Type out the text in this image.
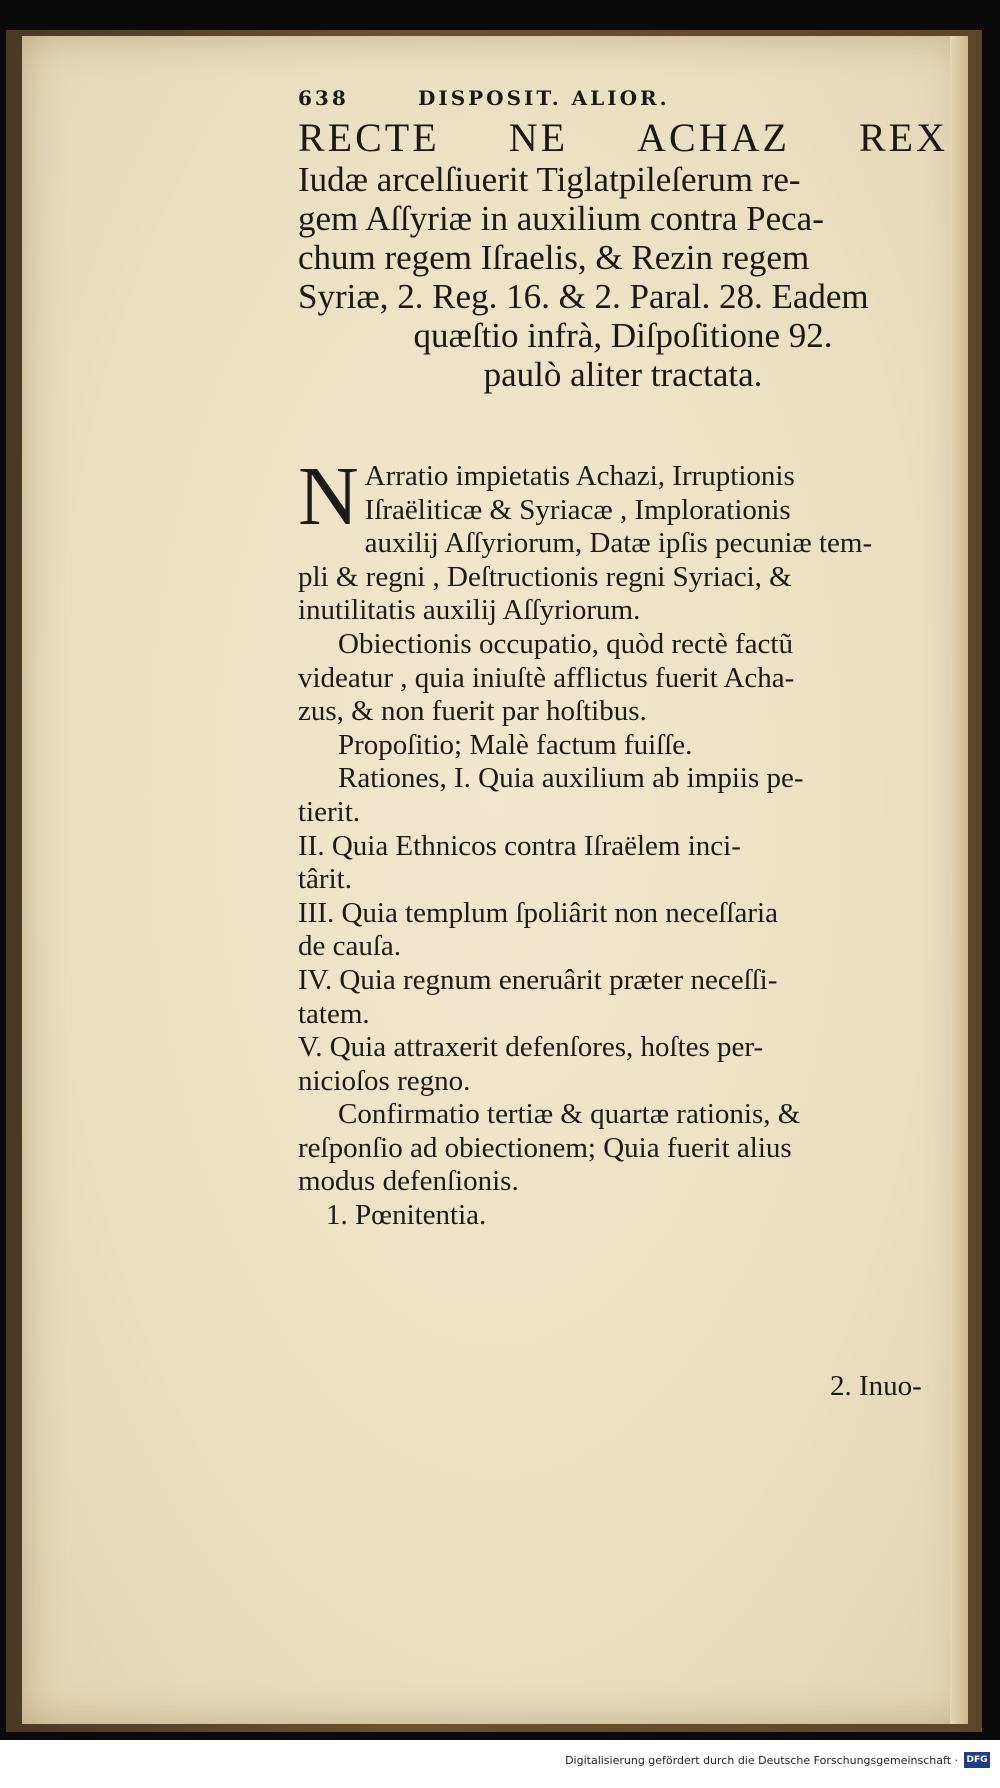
638	DISPOSIT. ALIOR.
RECTE NE ACHAZ REX
Iudæ arcelſiuerit Tiglatpileſerum re-
gem Aſſyriæ in auxilium contra Peca-
chum regem Iſraelis, & Rezin regem
Syriæ, 2. Reg. 16. & 2. Paral. 28. Eadem
quæſtio infrà, Diſpoſitione 92.
paulò aliter tractata.
N Arratio impietatis Achazi, Irruptionis
Iſraëliticæ & Syriacæ , Implorationis
auxilij Aſſyriorum, Datæ ipſis pecuniæ tem-
pli & regni , Deſtructionis regni Syriaci, &
inutilitatis auxilij Aſſyriorum.
Obiectionis occupatio, quòd rectè factũ
videatur , quia iniuſtè afflictus fuerit Acha-
zus, & non fuerit par hoſtibus.
Propoſitio; Malè factum fuiſſe.
Rationes, I. Quia auxilium ab impiis pe-
tierit.
II. Quia Ethnicos contra Iſraëlem inci-
târit.
III. Quia templum ſpoliârit non neceſſaria
de cauſa.
IV. Quia regnum eneruârit præter neceſſi-
tatem.
V. Quia attraxerit defenſores, hoſtes per-
nicioſos regno.
Confirmatio tertiæ & quartæ rationis, &
reſponſio ad obiectionem; Quia fuerit alius
modus defenſionis.
1. Pœnitentia.
2. Inuo-
Digitalisierung gefördert durch die Deutsche Forschungsgemeinschaft · DFG
